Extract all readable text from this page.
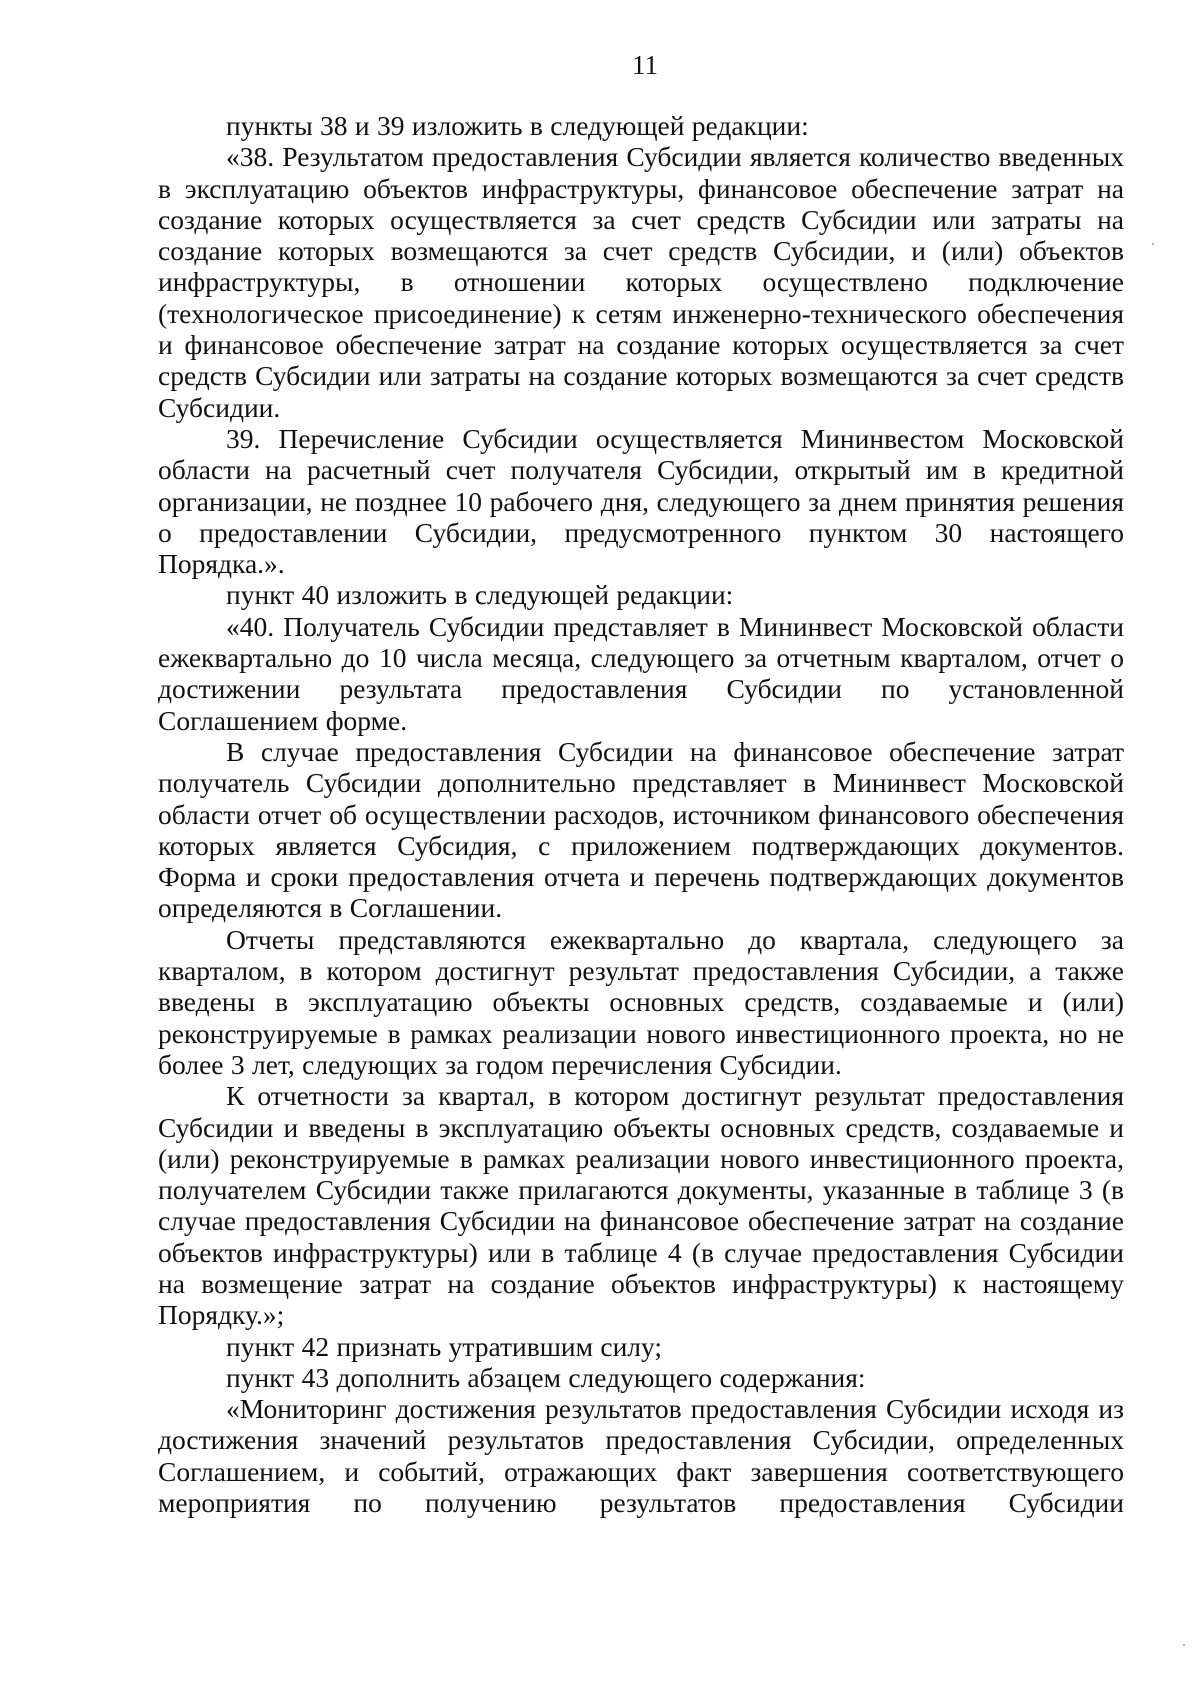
11

пункты 38 и 39 изложить в следующей редакции:

«38. Результатом предоставления Субсидии является количество введенных в эксплуатацию объектов инфраструктуры, финансовое обеспечение затрат на создание которых осуществляется за счет средств Субсидии или затраты на создание которых возмещаются за счет средств Субсидии, и (или) объектов инфраструктуры, в отношении которых осуществлено подключение (технологическое присоединение) к сетям инженерно-технического обеспечения и финансовое обеспечение затрат на создание которых осуществляется за счет средств Субсидии или затраты на создание которых возмещаются за счет средств Субсидии.

39. Перечисление Субсидии осуществляется Мининвестом Московской области на расчетный счет получателя Субсидии, открытый им в кредитной организации, не позднее 10 рабочего дня, следующего за днем принятия решения о предоставлении Субсидии, предусмотренного пунктом 30 настоящего Порядка.».

пункт 40 изложить в следующей редакции:

«40. Получатель Субсидии представляет в Мининвест Московской области ежеквартально до 10 числа месяца, следующего за отчетным кварталом, отчет о достижении результата предоставления Субсидии по установленной Соглашением форме.

В случае предоставления Субсидии на финансовое обеспечение затрат получатель Субсидии дополнительно представляет в Мининвест Московской области отчет об осуществлении расходов, источником финансового обеспечения которых является Субсидия, с приложением подтверждающих документов. Форма и сроки предоставления отчета и перечень подтверждающих документов определяются в Соглашении.

Отчеты представляются ежеквартально до квартала, следующего за кварталом, в котором достигнут результат предоставления Субсидии, а также введены в эксплуатацию объекты основных средств, создаваемые и (или) реконструируемые в рамках реализации нового инвестиционного проекта, но не более 3 лет, следующих за годом перечисления Субсидии.

К отчетности за квартал, в котором достигнут результат предоставления Субсидии и введены в эксплуатацию объекты основных средств, создаваемые и (или) реконструируемые в рамках реализации нового инвестиционного проекта, получателем Субсидии также прилагаются документы, указанные в таблице 3 (в случае предоставления Субсидии на финансовое обеспечение затрат на создание объектов инфраструктуры) или в таблице 4 (в случае предоставления Субсидии на возмещение затрат на создание объектов инфраструктуры) к настоящему Порядку.»;

пункт 42 признать утратившим силу;

пункт 43 дополнить абзацем следующего содержания:

«Мониторинг достижения результатов предоставления Субсидии исходя из достижения значений результатов предоставления Субсидии, определенных Соглашением, и событий, отражающих факт завершения соответствующего мероприятия по получению результатов предоставления Субсидии
